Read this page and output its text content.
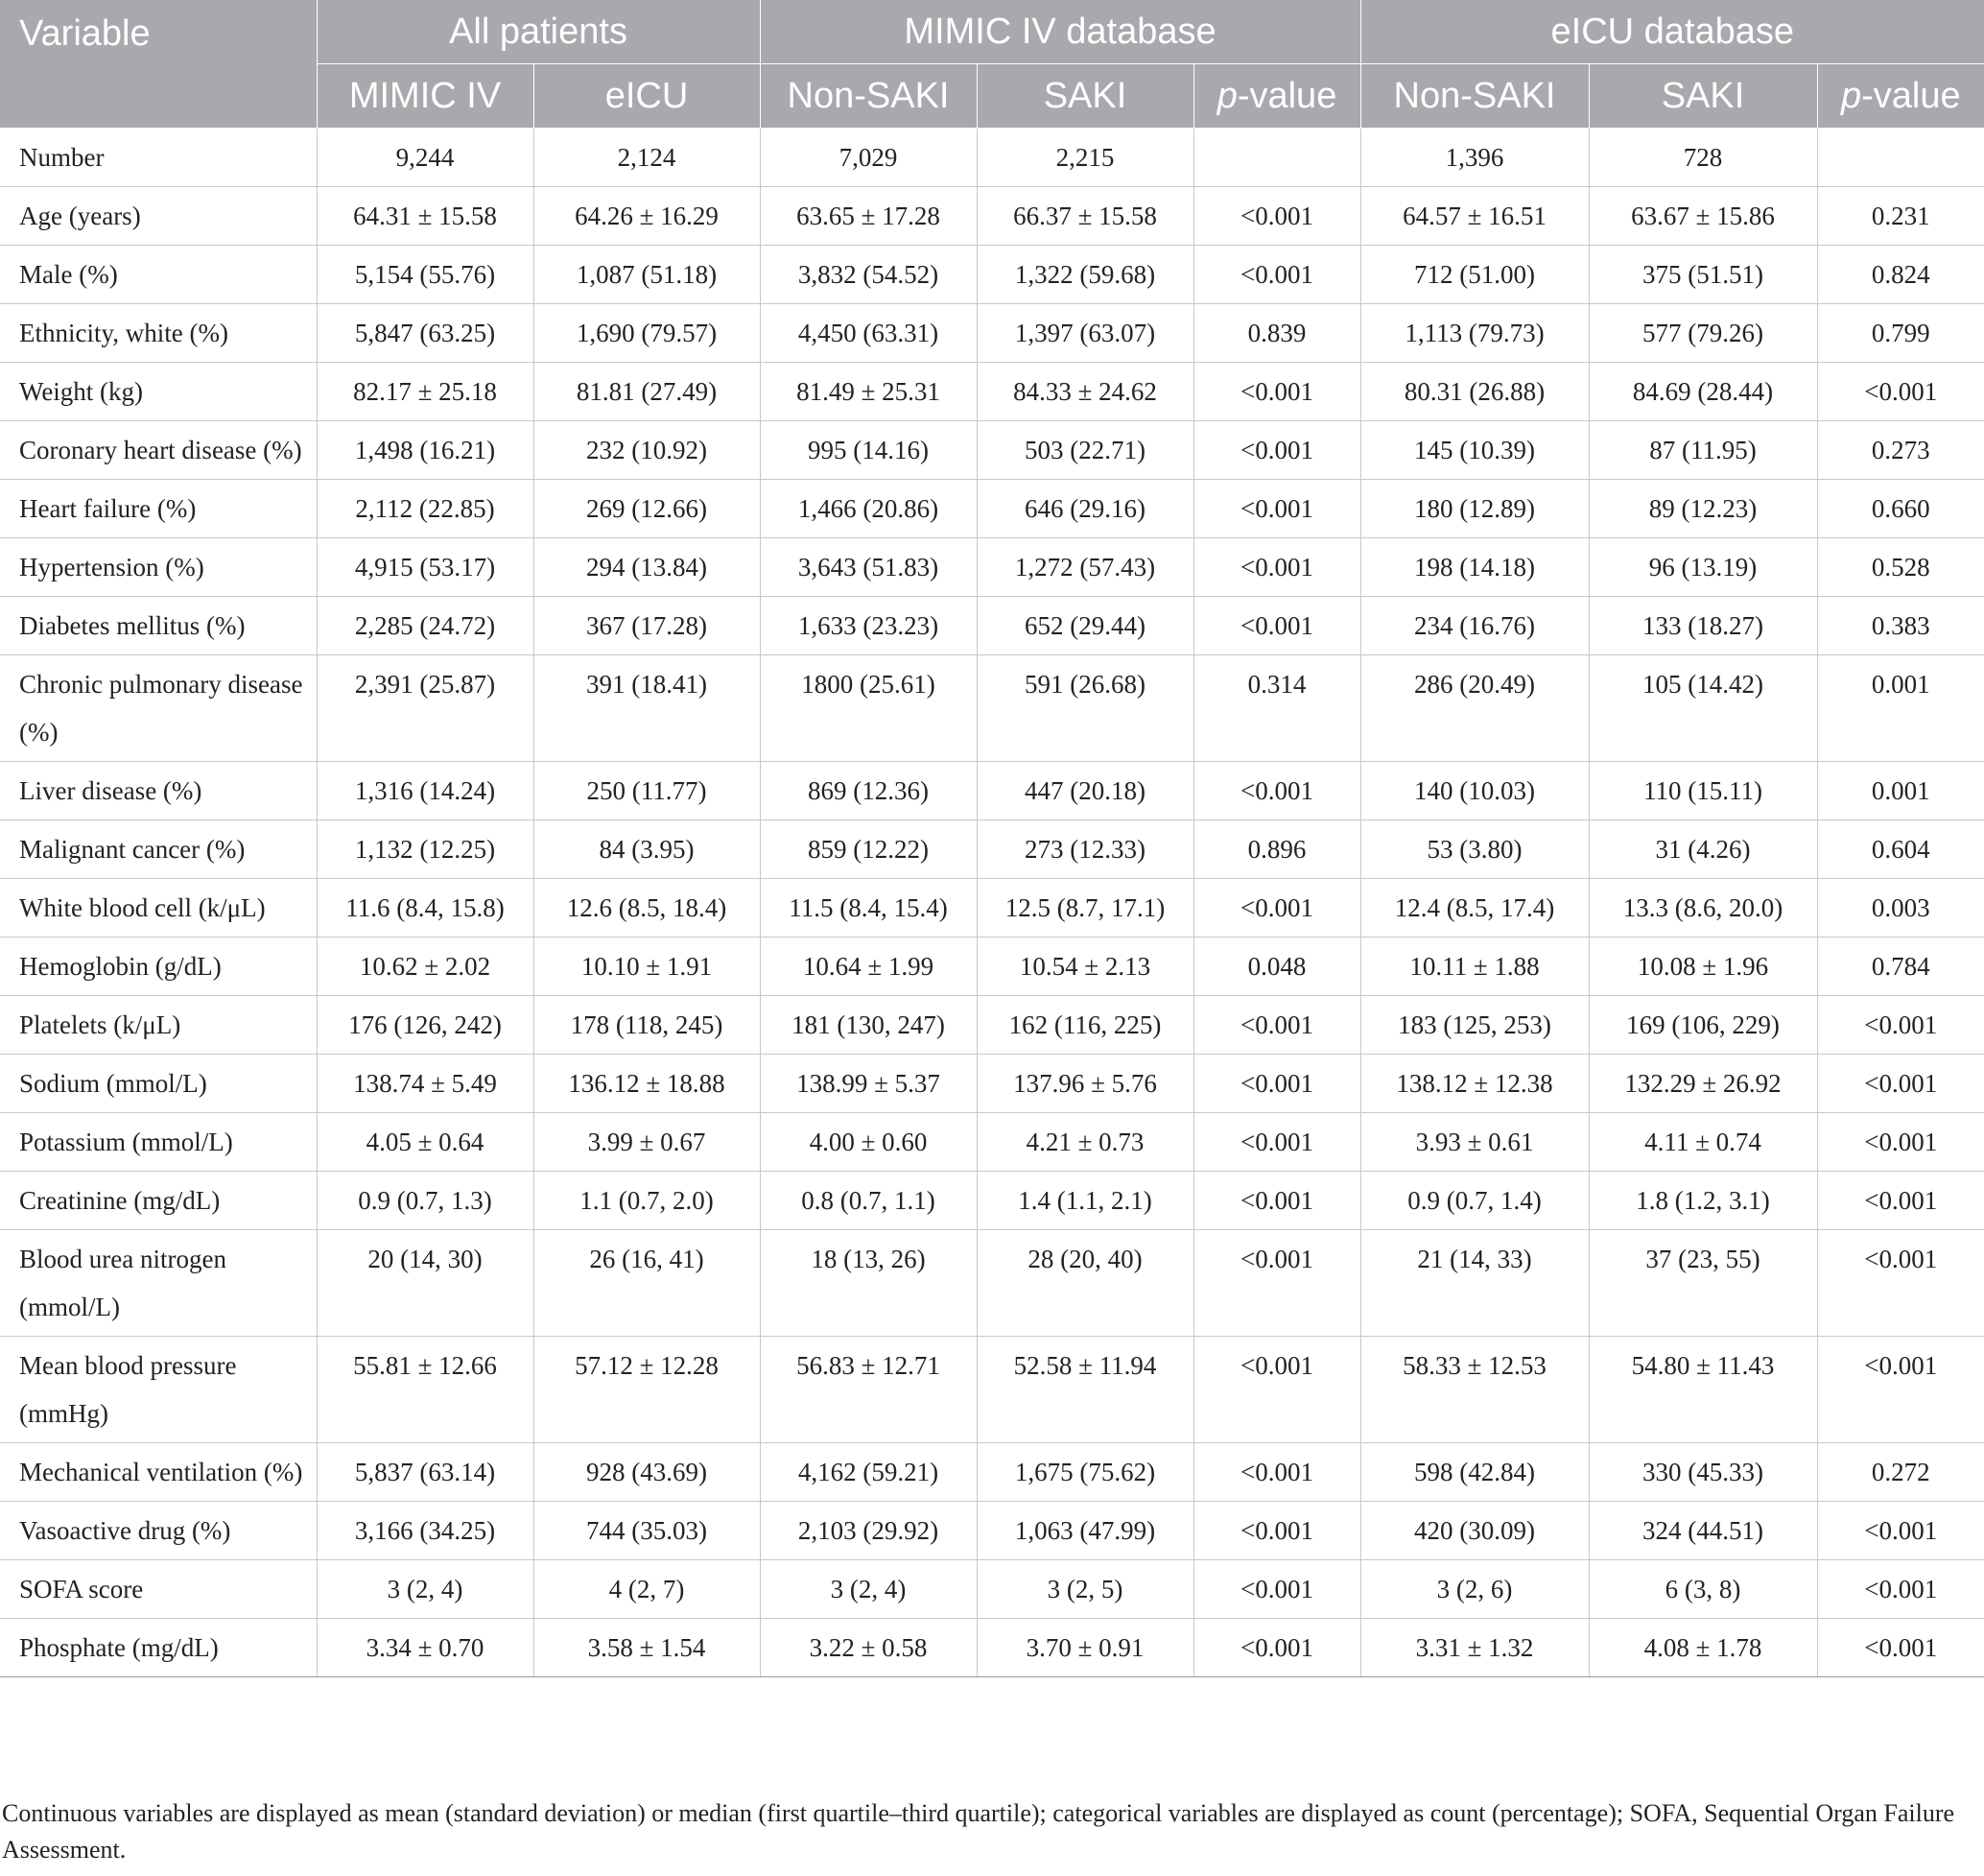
Variable	All patients		MIMIC IV database			eICU database		
	MIMIC IV	eICU	Non-SAKI	SAKI	p-value	Non-SAKI	SAKI	p-value
Number	9,244	2,124	7,029	2,215		1,396	728	
Age (years)	64.31 ± 15.58	64.26 ± 16.29	63.65 ± 17.28	66.37 ± 15.58	<0.001	64.57 ± 16.51	63.67 ± 15.86	0.231
Male (%)	5,154 (55.76)	1,087 (51.18)	3,832 (54.52)	1,322 (59.68)	<0.001	712 (51.00)	375 (51.51)	0.824
Ethnicity, white (%)	5,847 (63.25)	1,690 (79.57)	4,450 (63.31)	1,397 (63.07)	0.839	1,113 (79.73)	577 (79.26)	0.799
Weight (kg)	82.17 ± 25.18	81.81 (27.49)	81.49 ± 25.31	84.33 ± 24.62	<0.001	80.31 (26.88)	84.69 (28.44)	<0.001
Coronary heart disease (%)	1,498 (16.21)	232 (10.92)	995 (14.16)	503 (22.71)	<0.001	145 (10.39)	87 (11.95)	0.273
Heart failure (%)	2,112 (22.85)	269 (12.66)	1,466 (20.86)	646 (29.16)	<0.001	180 (12.89)	89 (12.23)	0.660
Hypertension (%)	4,915 (53.17)	294 (13.84)	3,643 (51.83)	1,272 (57.43)	<0.001	198 (14.18)	96 (13.19)	0.528
Diabetes mellitus (%)	2,285 (24.72)	367 (17.28)	1,633 (23.23)	652 (29.44)	<0.001	234 (16.76)	133 (18.27)	0.383
Chronic pulmonary disease (%)	2,391 (25.87)	391 (18.41)	1800 (25.61)	591 (26.68)	0.314	286 (20.49)	105 (14.42)	0.001
Liver disease (%)	1,316 (14.24)	250 (11.77)	869 (12.36)	447 (20.18)	<0.001	140 (10.03)	110 (15.11)	0.001
Malignant cancer (%)	1,132 (12.25)	84 (3.95)	859 (12.22)	273 (12.33)	0.896	53 (3.80)	31 (4.26)	0.604
White blood cell (k/μL)	11.6 (8.4, 15.8)	12.6 (8.5, 18.4)	11.5 (8.4, 15.4)	12.5 (8.7, 17.1)	<0.001	12.4 (8.5, 17.4)	13.3 (8.6, 20.0)	0.003
Hemoglobin (g/dL)	10.62 ± 2.02	10.10 ± 1.91	10.64 ± 1.99	10.54 ± 2.13	0.048	10.11 ± 1.88	10.08 ± 1.96	0.784
Platelets (k/μL)	176 (126, 242)	178 (118, 245)	181 (130, 247)	162 (116, 225)	<0.001	183 (125, 253)	169 (106, 229)	<0.001
Sodium (mmol/L)	138.74 ± 5.49	136.12 ± 18.88	138.99 ± 5.37	137.96 ± 5.76	<0.001	138.12 ± 12.38	132.29 ± 26.92	<0.001
Potassium (mmol/L)	4.05 ± 0.64	3.99 ± 0.67	4.00 ± 0.60	4.21 ± 0.73	<0.001	3.93 ± 0.61	4.11 ± 0.74	<0.001
Creatinine (mg/dL)	0.9 (0.7, 1.3)	1.1 (0.7, 2.0)	0.8 (0.7, 1.1)	1.4 (1.1, 2.1)	<0.001	0.9 (0.7, 1.4)	1.8 (1.2, 3.1)	<0.001
Blood urea nitrogen (mmol/L)	20 (14, 30)	26 (16, 41)	18 (13, 26)	28 (20, 40)	<0.001	21 (14, 33)	37 (23, 55)	<0.001
Mean blood pressure (mmHg)	55.81 ± 12.66	57.12 ± 12.28	56.83 ± 12.71	52.58 ± 11.94	<0.001	58.33 ± 12.53	54.80 ± 11.43	<0.001
Mechanical ventilation (%)	5,837 (63.14)	928 (43.69)	4,162 (59.21)	1,675 (75.62)	<0.001	598 (42.84)	330 (45.33)	0.272
Vasoactive drug (%)	3,166 (34.25)	744 (35.03)	2,103 (29.92)	1,063 (47.99)	<0.001	420 (30.09)	324 (44.51)	<0.001
SOFA score	3 (2, 4)	4 (2, 7)	3 (2, 4)	3 (2, 5)	<0.001	3 (2, 6)	6 (3, 8)	<0.001
Phosphate (mg/dL)	3.34 ± 0.70	3.58 ± 1.54	3.22 ± 0.58	3.70 ± 0.91	<0.001	3.31 ± 1.32	4.08 ± 1.78	<0.001
Continuous variables are displayed as mean (standard deviation) or median (first quartile–third quartile); categorical variables are displayed as count (percentage); SOFA, Sequential Organ Failure Assessment.
